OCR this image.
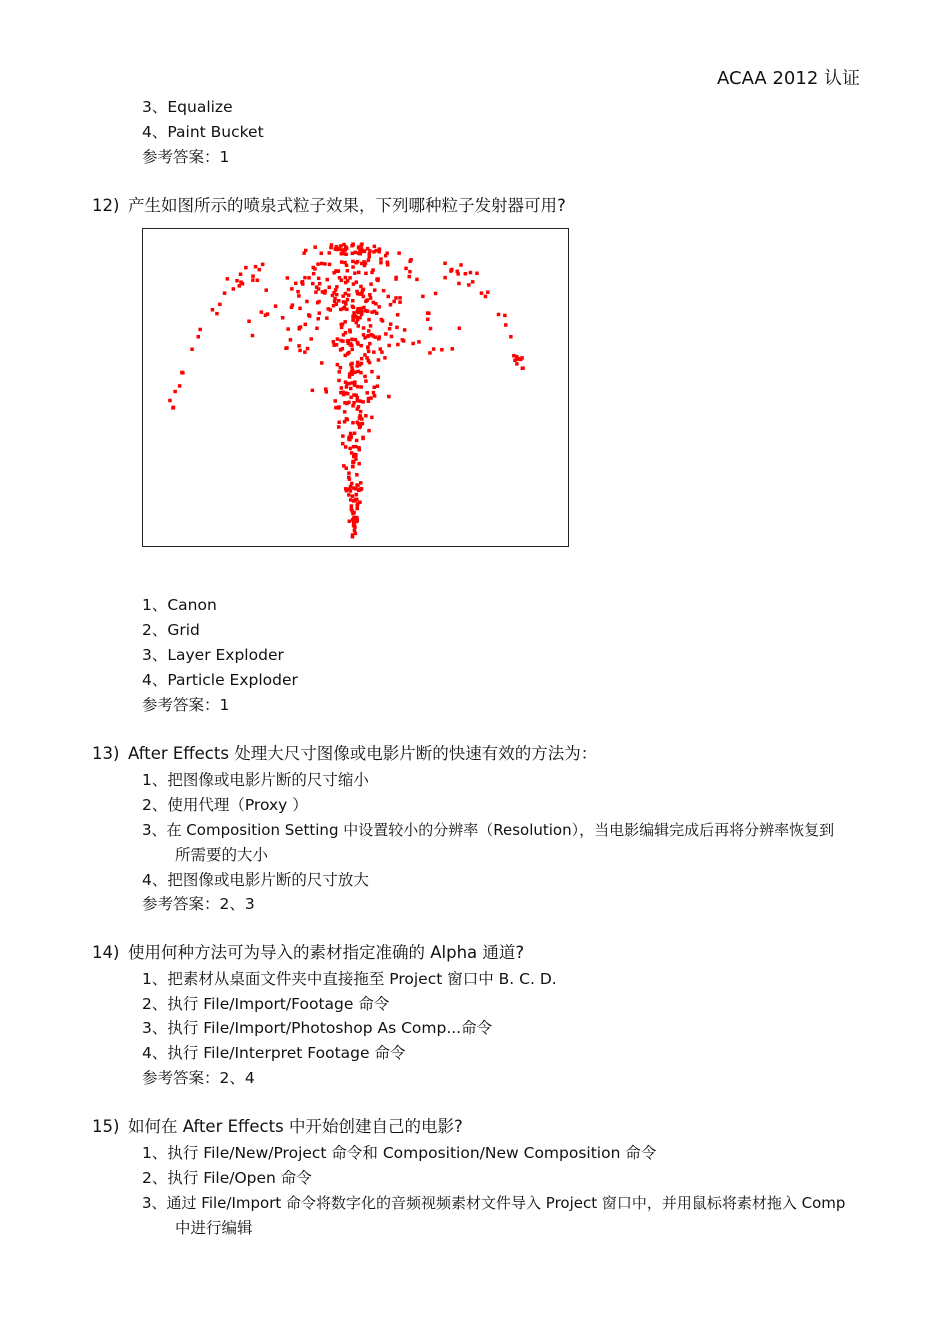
ACAA 2012 认证
3、Equalize
4、Paint Bucket
参考答案：1
12) 产生如图所示的喷泉式粒子效果，下列哪种粒子发射器可用?
1、Canon
2、Grid
3、Layer Exploder
4、Particle Exploder
参考答案：1
13) After Effects 处理大尺寸图像或电影片断的快速有效的方法为：
1、把图像或电影片断的尺寸缩小
2、使用代理（Proxy ）
3、在 Composition Setting 中设置较小的分辨率（Resolution），当电影编辑完成后再将分辨率恢复到
所需要的大小
4、把图像或电影片断的尺寸放大
参考答案：2、3
14) 使用何种方法可为导入的素材指定准确的 Alpha 通道?
1、把素材从桌面文件夹中直接拖至 Project 窗口中 B. C. D.
2、执行 File/Import/Footage 命令
3、执行 File/Import/Photoshop As Comp...命令
4、执行 File/Interpret Footage 命令
参考答案：2、4
15) 如何在 After Effects 中开始创建自己的电影?
1、执行 File/New/Project 命令和 Composition/New Composition 命令
2、执行 File/Open 命令
3、通过 File/Import 命令将数字化的音频视频素材文件导入 Project 窗口中，并用鼠标将素材拖入 Comp
中进行编辑
